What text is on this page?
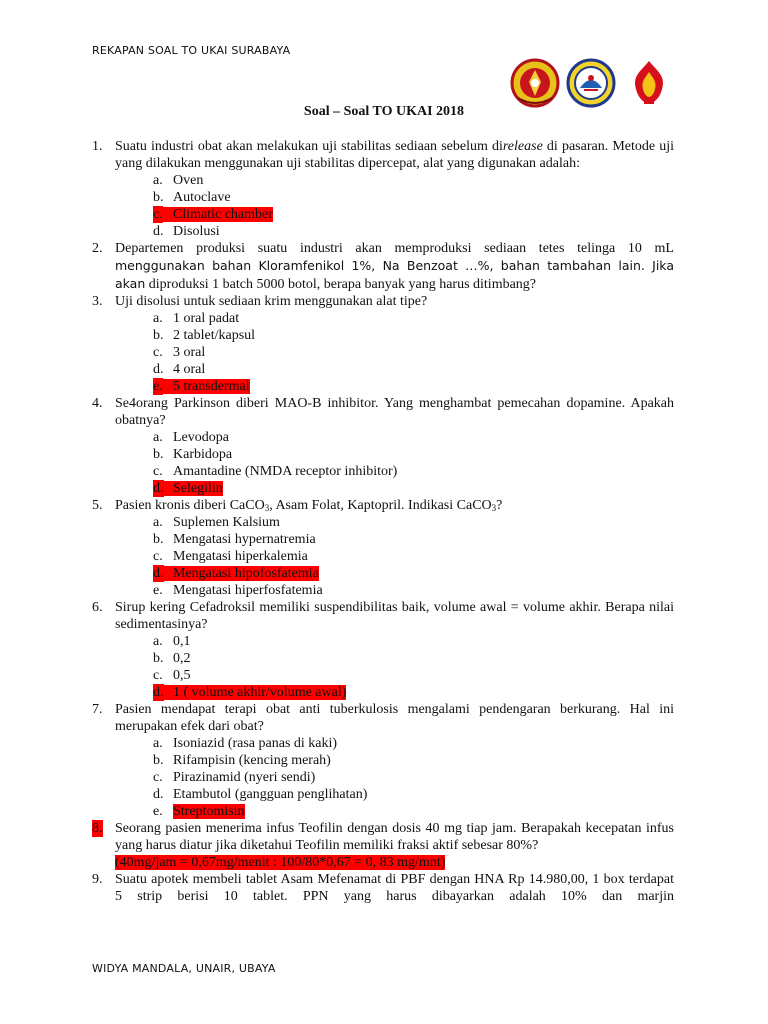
REKAPAN SOAL TO UKAI SURABAYA
Soal – Soal TO UKAI 2018
1. Suatu industri obat akan melakukan uji stabilitas sediaan sebelum direlease di pasaran. Metode uji yang dilakukan menggunakan uji stabilitas dipercepat, alat yang digunakan adalah:
a. Oven
b. Autoclave
c. Climatic chamber
d. Disolusi
2. Departemen produksi suatu industri akan memproduksi sediaan tetes telinga 10 mL menggunakan bahan Kloramfenikol 1%, Na Benzoat …%, bahan tambahan lain. Jika akan diproduksi 1 batch 5000 botol, berapa banyak yang harus ditimbang?
3. Uji disolusi untuk sediaan krim menggunakan alat tipe?
a. 1 oral padat
b. 2 tablet/kapsul
c. 3 oral
d. 4 oral
e. 5 transdermal
4. Se4orang Parkinson diberi MAO-B inhibitor. Yang menghambat pemecahan dopamine. Apakah obatnya?
a. Levodopa
b. Karbidopa
c. Amantadine (NMDA receptor inhibitor)
d. Selegilin
5. Pasien kronis diberi CaCO$_3$, Asam Folat, Kaptopril. Indikasi CaCO$_3$?
a. Suplemen Kalsium
b. Mengatasi hypernatremia
c. Mengatasi hiperkalemia
d. Mengatasi hipofosfatemia
e. Mengatasi hiperfosfatemia
6. Sirup kering Cefadroksil memiliki suspendibilitas baik, volume awal = volume akhir. Berapa nilai sedimentasinya?
a. 0,1
b. 0,2
c. 0,5
d. 1 ( volume akhir/volume awal)
7. Pasien mendapat terapi obat anti tuberkulosis mengalami pendengaran berkurang. Hal ini merupakan efek dari obat?
a. Isoniazid (rasa panas di kaki)
b. Rifampisin (kencing merah)
c. Pirazinamid (nyeri sendi)
d. Etambutol (gangguan penglihatan)
e. Streptomisin
8. Seorang pasien menerima infus Teofilin dengan dosis 40 mg tiap jam. Berapakah kecepatan infus yang harus diatur jika diketahui Teofilin memiliki fraksi aktif sebesar 80%?
(40mg/jam = 0,67mg/menit : 100/80*0,67 = 0, 83 mg/mnt)
9. Suatu apotek membeli tablet Asam Mefenamat di PBF dengan HNA Rp 14.980,00, 1 box terdapat 5 strip berisi 10 tablet. PPN yang harus dibayarkan adalah 10% dan marjin
WIDYA MANDALA, UNAIR, UBAYA
